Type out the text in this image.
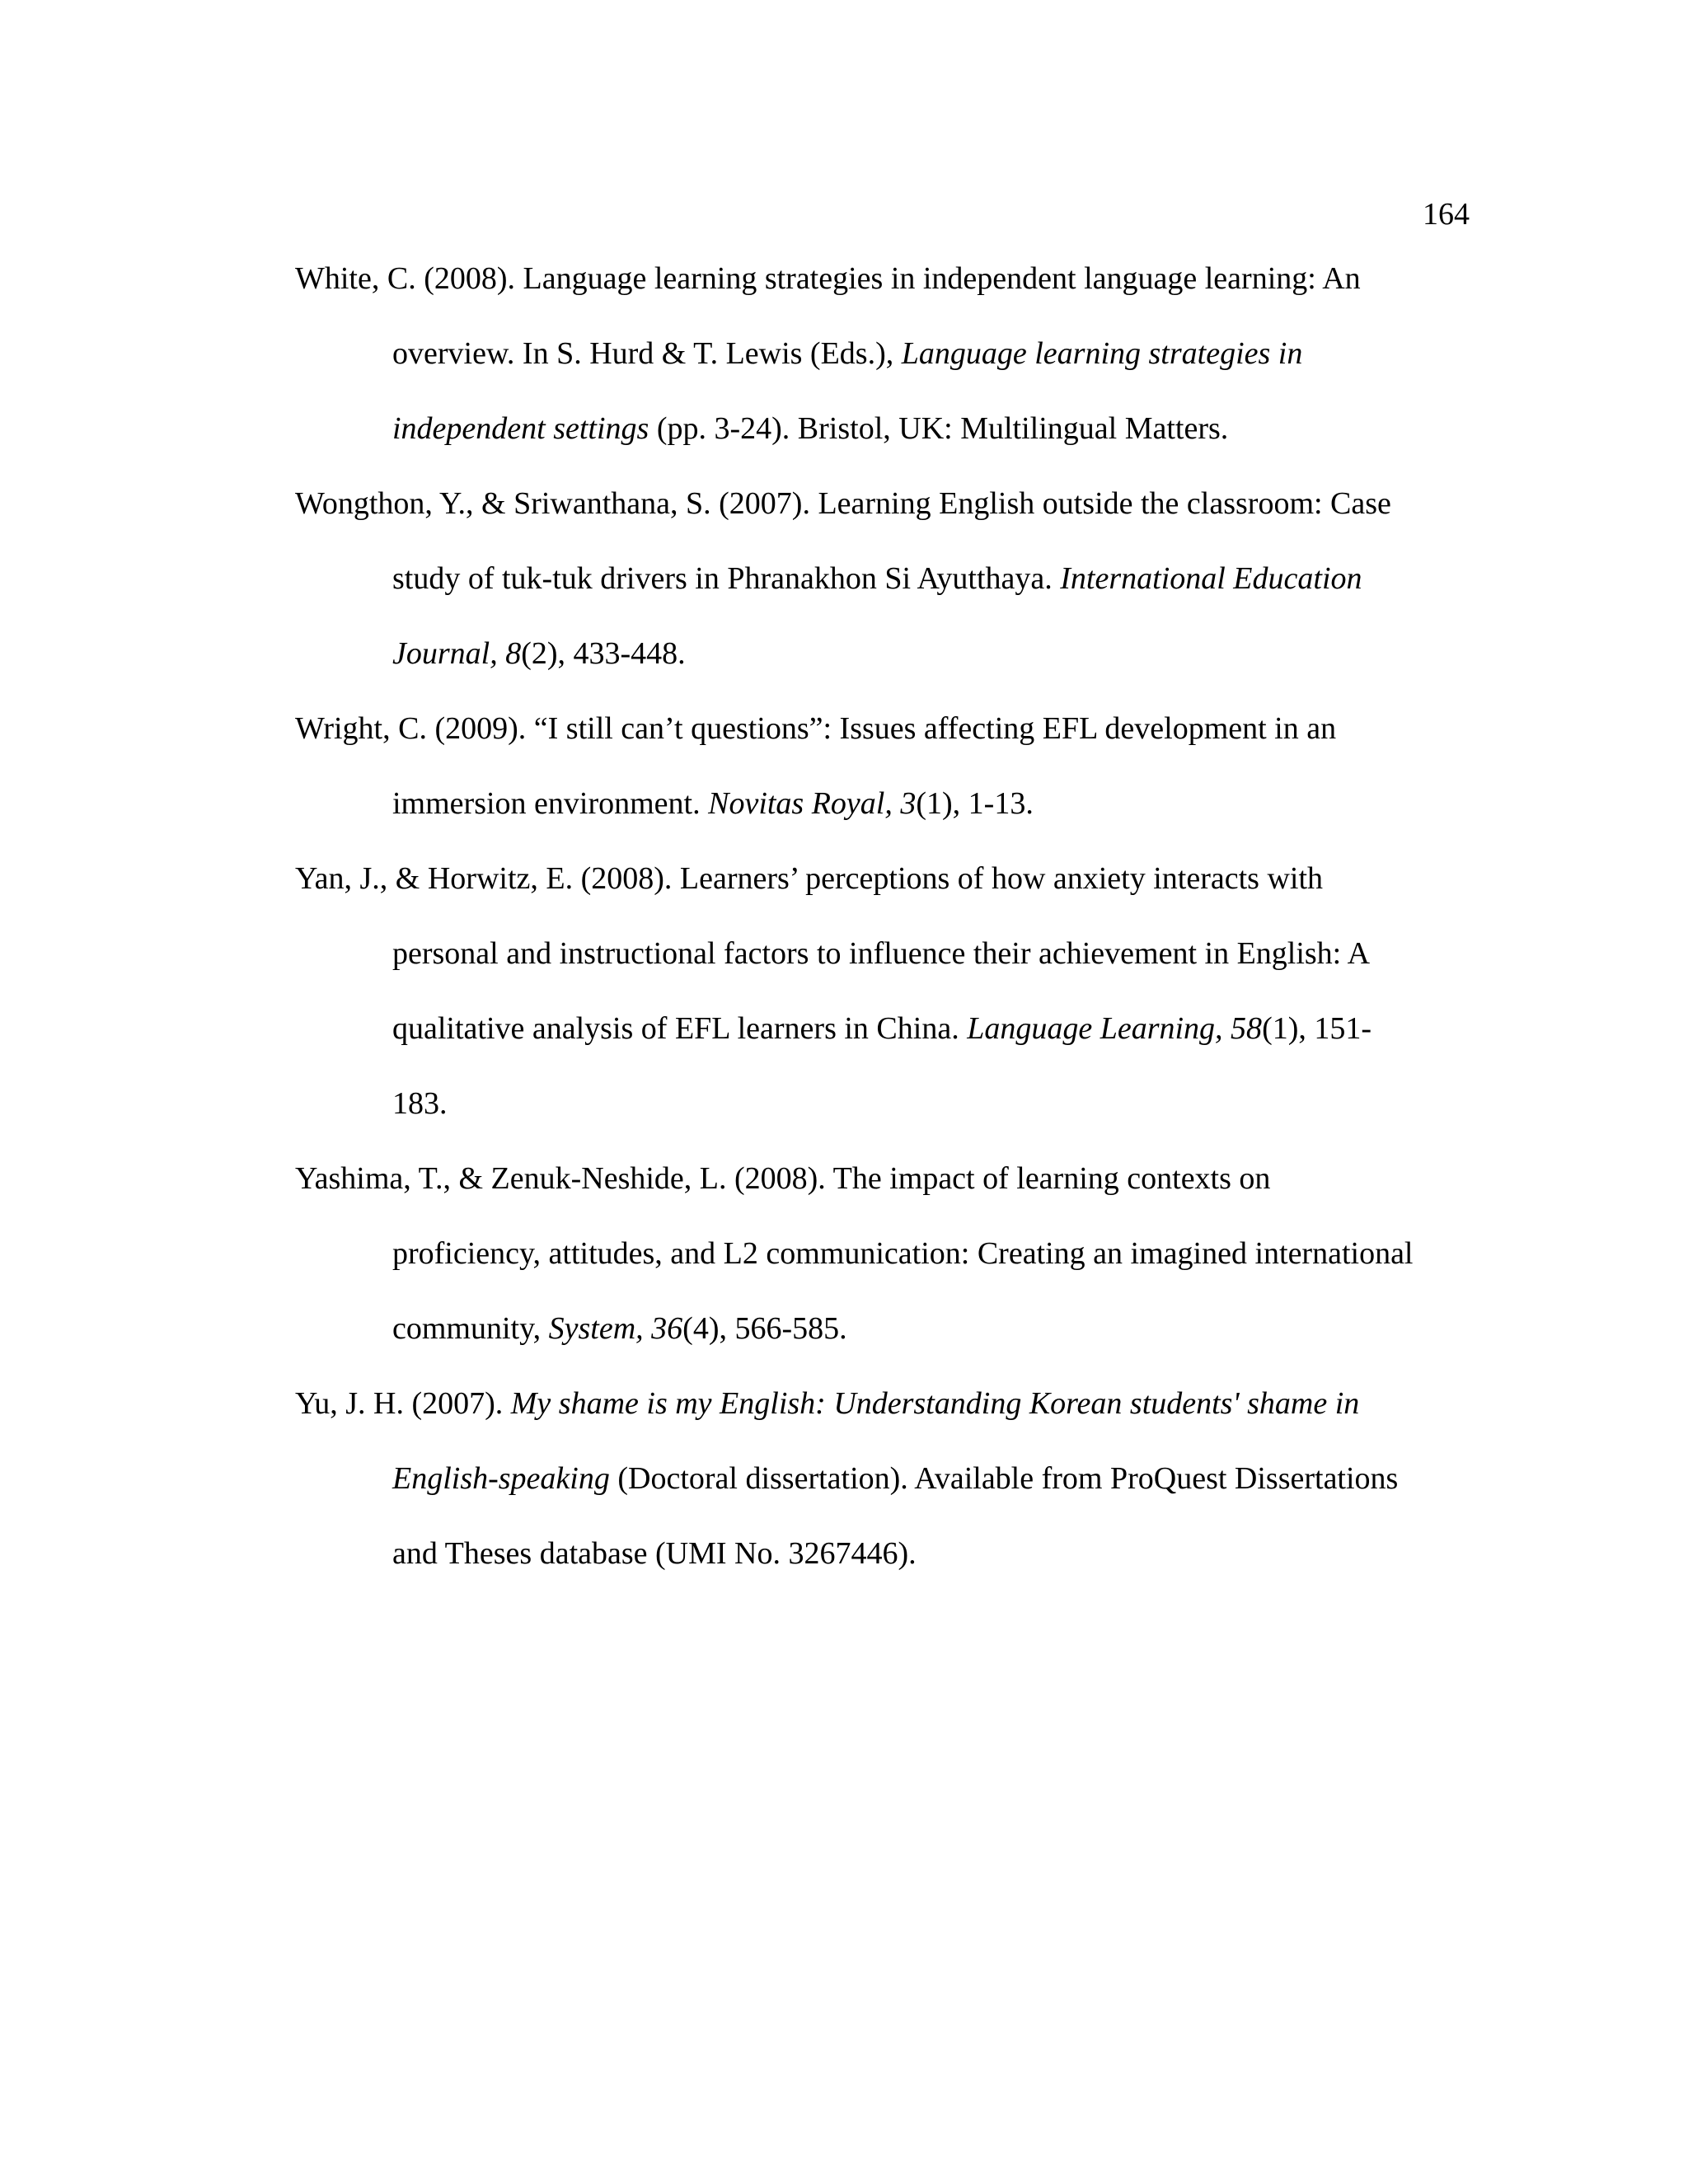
164
White, C. (2008). Language learning strategies in independent language learning: An
overview. In S. Hurd & T. Lewis (Eds.), Language learning strategies in
independent settings (pp. 3-24). Bristol, UK: Multilingual Matters.
Wongthon, Y., & Sriwanthana, S. (2007). Learning English outside the classroom: Case
study of tuk-tuk drivers in Phranakhon Si Ayutthaya. International Education
Journal, 8(2), 433-448.
Wright, C. (2009). “I still can’t questions”: Issues affecting EFL development in an
immersion environment. Novitas Royal, 3(1), 1-13.
Yan, J., & Horwitz, E. (2008). Learners’ perceptions of how anxiety interacts with
personal and instructional factors to influence their achievement in English: A
qualitative analysis of EFL learners in China. Language Learning, 58(1), 151-
183.
Yashima, T., & Zenuk-Neshide, L. (2008). The impact of learning contexts on
proficiency, attitudes, and L2 communication: Creating an imagined international
community, System, 36(4), 566-585.
Yu, J. H. (2007). My shame is my English: Understanding Korean students' shame in
English-speaking (Doctoral dissertation). Available from ProQuest Dissertations
and Theses database (UMI No. 3267446).
